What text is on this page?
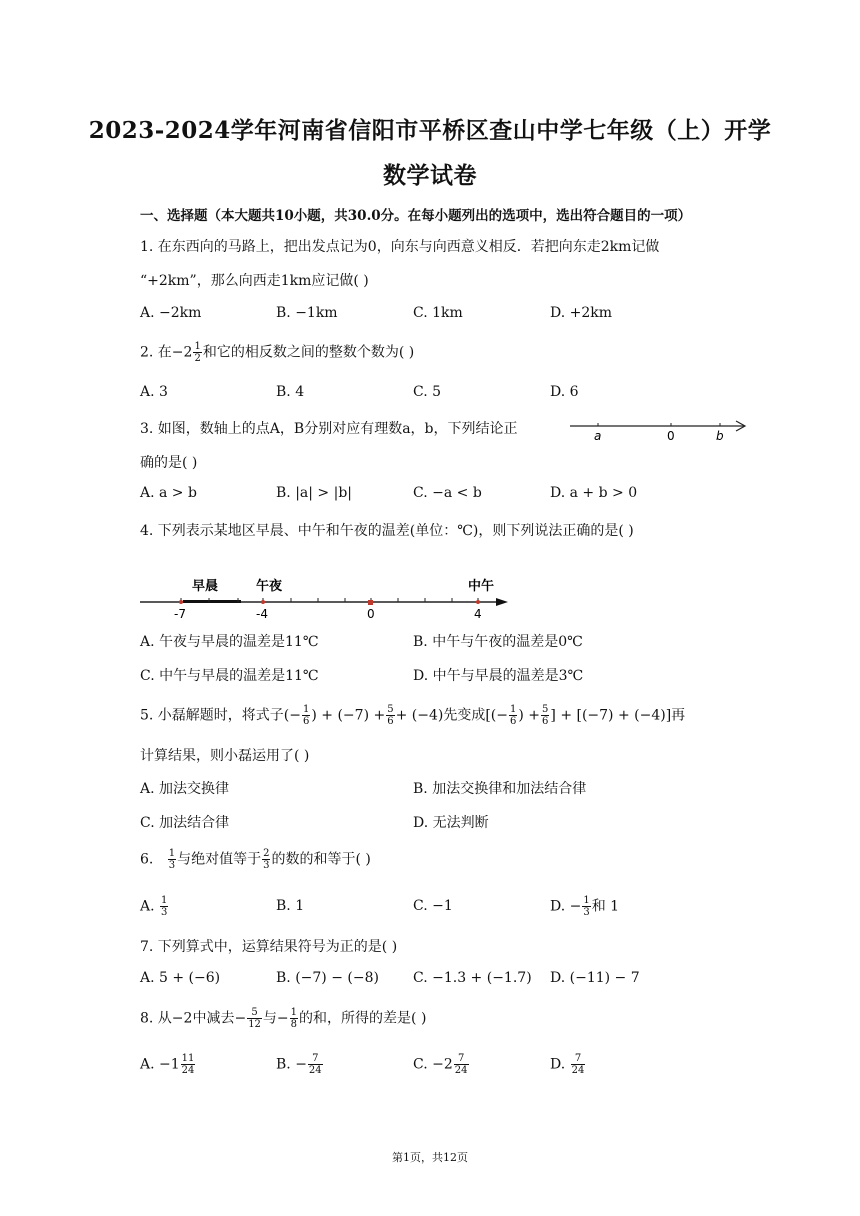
2023-2024学年河南省信阳市平桥区查山中学七年级（上）开学
数学试卷
一、选择题（本大题共10小题，共30.0分。在每小题列出的选项中，选出符合题目的一项）
1. 在东西向的马路上，把出发点记为0，向东与向西意义相反．若把向东走2km记做
“+2km”，那么向西走1km应记做( )
A. −2km	B. −1km	C. 1km	D. +2km
2. 在$-2 \frac{1}{2}$ 和它的相反数之间的整数个数为( )
A. 3	B. 4	C. 5	D. 6
3. 如图，数轴上的点A，B分别对应有理数a，b，下列结论正
确的是( )
a	0	b
A. a > b	B. |a| > |b|	C. −a < b	D. a + b > 0
4. 下列表示某地区早晨、中午和午夜的温差(单位：℃)，则下列说法正确的是( )
早晨	午夜	中午
-7	-4	0	4
A. 午夜与早晨的温差是11℃	B. 中午与午夜的温差是0℃
C. 中午与早晨的温差是11℃	D. 中午与早晨的温差是3℃
5. 小磊解题时，将式子(− $\frac{1}{6}$ ) + $(-7) + \frac{5}{6} + (-4)$先变成[(− $\frac{1}{6}$ ) + $\frac{5}{6}$ ] + [(−7) + (−4)]再
计算结果，则小磊运用了( )
A. 加法交换律	B. 加法交换律和加法结合律
C. 加法结合律	D. 无法判断
6. $\frac{1}{3}$ 与绝对值等于 $\frac{2}{3}$ 的数的和等于( )
A. $\frac{1}{3}$	B. 1	C. −1	D. − $\frac{1}{3}$ 和 1
7. 下列算式中，运算结果符号为正的是( )
A. 5 + (−6)	B. (−7) − (−8) C. −1.3 + (−1.7) D. (−11) − 7
8. 从−2中减去− $\frac{5}{12}$ 与− $\frac{1}{8}$ 的和，所得的差是( )
A. $-1 \frac{11}{24}$	B. − $\frac{7}{24}$	C. $-2 \frac{7}{24}$	D. $\frac{7}{24}$
第1页，共12页
